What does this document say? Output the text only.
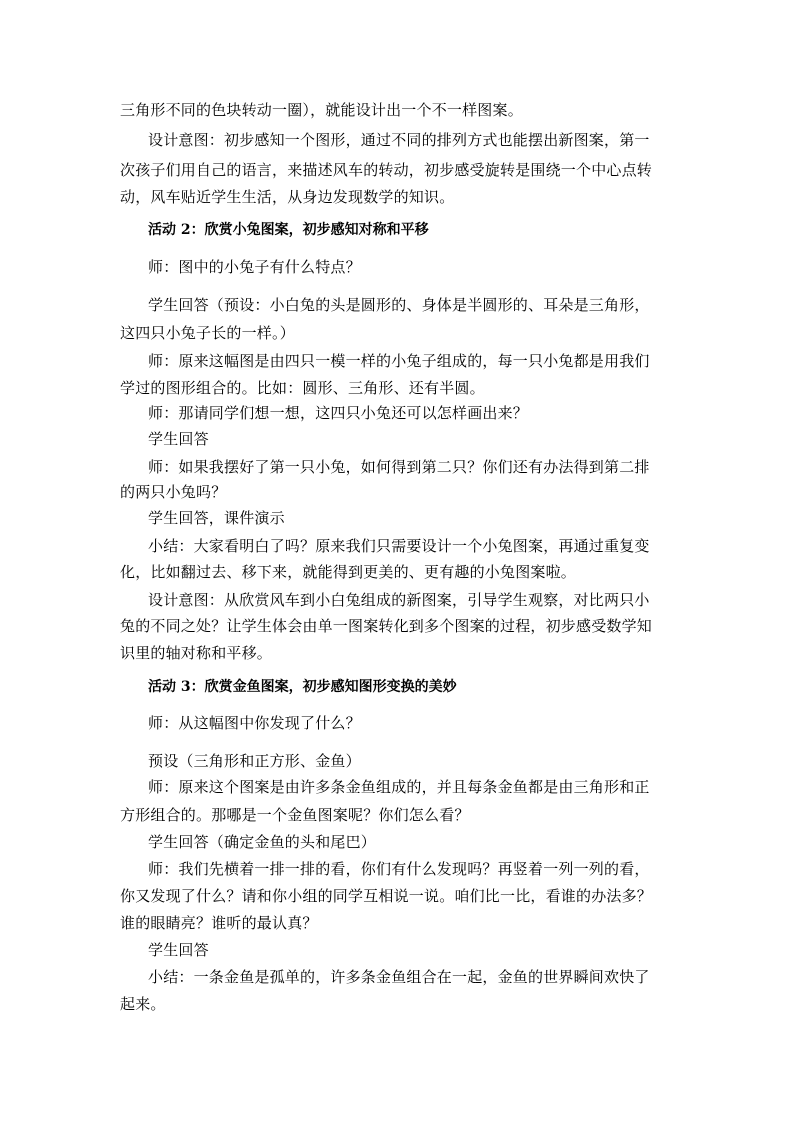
三角形不同的色块转动一圈），就能设计出一个不一样图案。
设计意图：初步感知一个图形，通过不同的排列方式也能摆出新图案，第一
次孩子们用自己的语言，来描述风车的转动，初步感受旋转是围绕一个中心点转
动，风车贴近学生生活，从身边发现数学的知识。
活动 2：欣赏小兔图案，初步感知对称和平移
师：图中的小兔子有什么特点？
学生回答（预设：小白兔的头是圆形的、身体是半圆形的、耳朵是三角形，
这四只小兔子长的一样。）
师：原来这幅图是由四只一模一样的小兔子组成的，每一只小兔都是用我们
学过的图形组合的。比如：圆形、三角形、还有半圆。
师：那请同学们想一想，这四只小兔还可以怎样画出来？
学生回答
师：如果我摆好了第一只小兔，如何得到第二只？你们还有办法得到第二排
的两只小兔吗？
学生回答，课件演示
小结：大家看明白了吗？原来我们只需要设计一个小兔图案，再通过重复变
化，比如翻过去、移下来，就能得到更美的、更有趣的小兔图案啦。
设计意图：从欣赏风车到小白兔组成的新图案，引导学生观察，对比两只小
兔的不同之处？让学生体会由单一图案转化到多个图案的过程，初步感受数学知
识里的轴对称和平移。
活动 3：欣赏金鱼图案，初步感知图形变换的美妙
师：从这幅图中你发现了什么？
预设（三角形和正方形、金鱼）
师：原来这个图案是由许多条金鱼组成的，并且每条金鱼都是由三角形和正
方形组合的。那哪是一个金鱼图案呢？你们怎么看？
学生回答（确定金鱼的头和尾巴）
师：我们先横着一排一排的看，你们有什么发现吗？再竖着一列一列的看，
你又发现了什么？请和你小组的同学互相说一说。咱们比一比，看谁的办法多？
谁的眼睛亮？谁听的最认真？
学生回答
小结：一条金鱼是孤单的，许多条金鱼组合在一起，金鱼的世界瞬间欢快了
起来。
